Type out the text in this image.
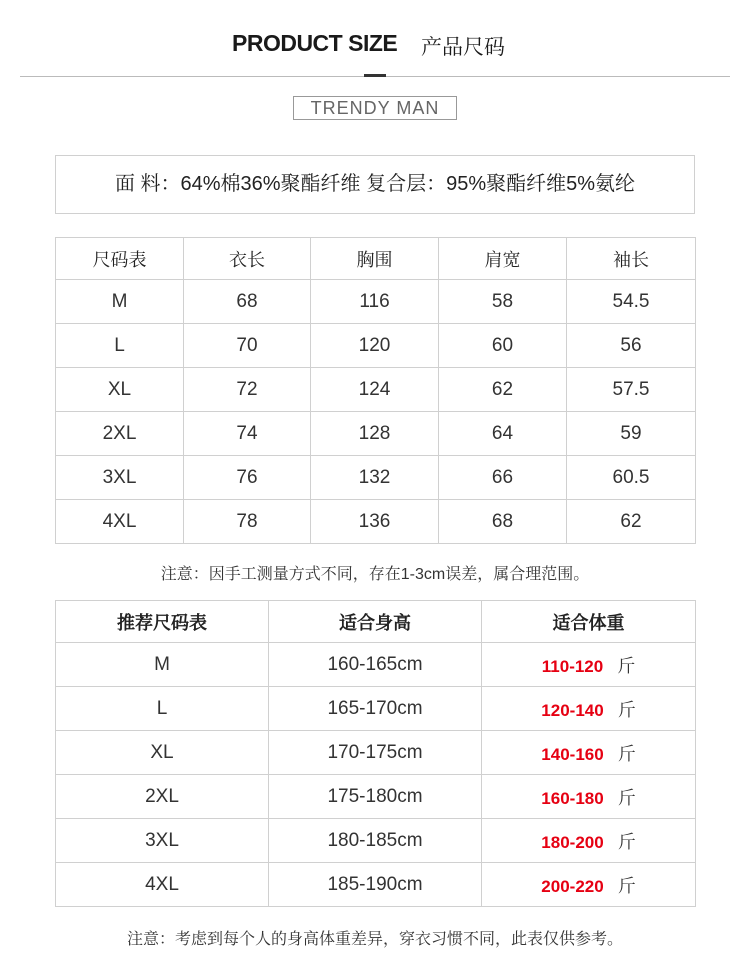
PRODUCT SIZE 产品尺码
TRENDY MAN
面 料：64%棉36%聚酯纤维 复合层：95%聚酯纤维5%氨纶
尺码表	衣长	胸围	肩宽	袖长
M	68	116	58	54.5
L	70	120	60	56
XL	72	124	62	57.5
2XL	74	128	64	59
3XL	76	132	66	60.5
4XL	78	136	68	62
注意：因手工测量方式不同，存在1-3cm误差，属合理范围。
推荐尺码表	适合身高	适合体重
M	160-165cm	110-120 斤
L	165-170cm	120-140 斤
XL	170-175cm	140-160 斤
2XL	175-180cm	160-180 斤
3XL	180-185cm	180-200 斤
4XL	185-190cm	200-220 斤
注意：考虑到每个人的身高体重差异，穿衣习惯不同，此表仅供参考。
